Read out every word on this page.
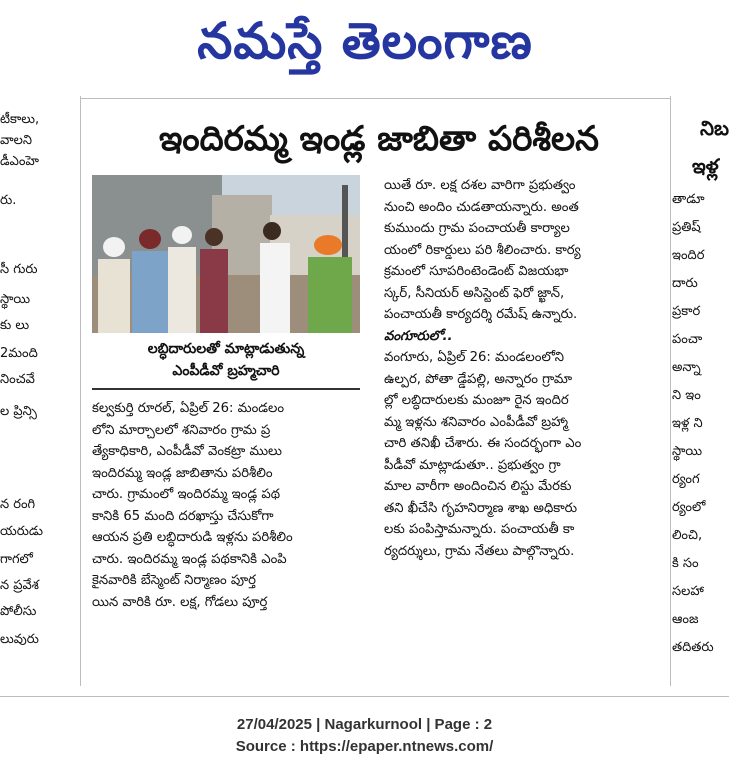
నమస్తే తెలంగాణ
టీకాలు,
వాలని
డీఎంహె
రు.
సీ గురు
స్థాయి
కు లు
2మంది
నించవే
ల ప్రిన్సి
న రంగి
యరుడు
గాగలో
న ప్రవేశ
పోలీసు
లువురు
నిబ
ఇళ్ల
తాడూ
ప్రతిష్
ఇందిర
దారు
ప్రకార
పంచా
అన్నా
ని ఇం
ఇళ్ల ని
స్థాయి
ర్యంగ
ర్యంలో
లించి,
కి సం
సలహా
ఆంజ
తదితరు
ఇందిరమ్మ ఇండ్ల జాబితా పరిశీలన
లబ్ధిదారులతో మాట్లాడుతున్న
ఎంపీడీవో బ్రహ్మచారి
కల్వకుర్తి రూరల్, ఏప్రిల్ 26: మండలం
లోని మార్చాలలో శనివారం గ్రామ ప్ర
త్యేకాధికారి, ఎంపీడీవో వెంకట్రా ములు
ఇందిరమ్మ ఇండ్ల జాబితాను పరిశీలిం
చారు. గ్రామంలో ఇందిరమ్మ ఇండ్ల పథ
కానికి 65 మంది దరఖాస్తు చేసుకోగా
ఆయన ప్రతి లబ్ధిదారుడి ఇళ్లను పరిశీలిం
చారు. ఇందిరమ్మ ఇండ్ల పథకానికి ఎంపి
కైనవారికి బేస్మెంట్ నిర్మాణం పూర్త
యిన వారికి రూ. లక్ష, గోడలు పూర్త
యితే రూ. లక్ష దశల వారిగా ప్రభుత్వం
నుంచి అందిం చుడతాయన్నారు. అంత
కుముందు గ్రామ పంచాయతీ కార్యాల
యంలో రికార్డులు పరి శీలించారు. కార్య
క్రమంలో సూపరింటెండెంట్ విజయభా
స్కర్, సీనియర్ అసిస్టెంట్ ఫెరో జ్ఖాన్,
పంచాయతీ కార్యదర్శి రమేష్ ఉన్నారు.
వంగూరులో..
వంగూరు, ఏప్రిల్ 26: మండలంలోని
ఉల్పర, పోతా డ్డేపల్లి, అన్నారం గ్రామా
ల్లో లబ్ధిదారులకు మంజూ రైన ఇందిర
మ్మ ఇళ్లను శనివారం ఎంపీడీవో బ్రహ్మా
చారి తనిఖీ చేశారు. ఈ సందర్భంగా ఎం
పీడీవో మాట్లాడుతూ.. ప్రభుత్వం గ్రా
మాల వారీగా అందించిన లిస్టు మేరకు
తని ఖీచేసి గృహనిర్మాణ శాఖ అధికారు
లకు పంపిస్తామన్నారు. పంచాయతీ కా
ర్యదర్శులు, గ్రామ నేతలు పాల్గొన్నారు.
27/04/2025 | Nagarkurnool | Page : 2
Source : https://epaper.ntnews.com/
